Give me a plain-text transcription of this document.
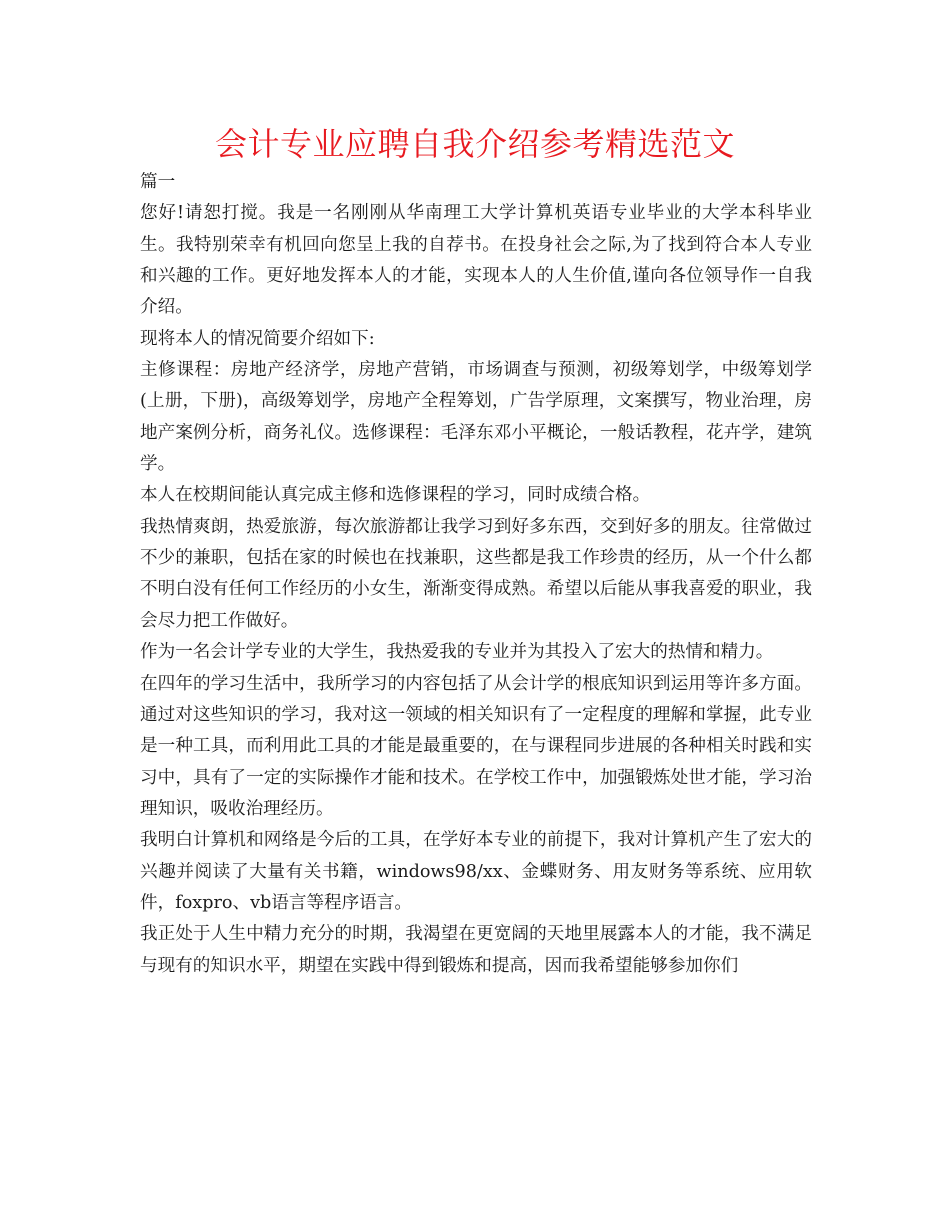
会计专业应聘自我介绍参考精选范文

篇一

您好!请恕打搅。我是一名刚刚从华南理工大学计算机英语专业毕业的大学本科毕业生。我特别荣幸有机回向您呈上我的自荐书。在投身社会之际,为了找到符合本人专业和兴趣的工作。更好地发挥本人的才能，实现本人的人生价值,谨向各位领导作一自我介绍。

现将本人的情况简要介绍如下:

主修课程：房地产经济学，房地产营销，市场调查与预测，初级筹划学，中级筹划学(上册，下册)，高级筹划学，房地产全程筹划，广告学原理，文案撰写，物业治理，房地产案例分析，商务礼仪。选修课程：毛泽东邓小平概论，一般话教程，花卉学，建筑学。

本人在校期间能认真完成主修和选修课程的学习，同时成绩合格。

我热情爽朗，热爱旅游，每次旅游都让我学习到好多东西，交到好多的朋友。往常做过不少的兼职，包括在家的时候也在找兼职，这些都是我工作珍贵的经历，从一个什么都不明白没有任何工作经历的小女生，渐渐变得成熟。希望以后能从事我喜爱的职业，我会尽力把工作做好。

作为一名会计学专业的大学生，我热爱我的专业并为其投入了宏大的热情和精力。

在四年的学习生活中，我所学习的内容包括了从会计学的根底知识到运用等许多方面。通过对这些知识的学习，我对这一领域的相关知识有了一定程度的理解和掌握，此专业是一种工具，而利用此工具的才能是最重要的，在与课程同步进展的各种相关时践和实习中，具有了一定的实际操作才能和技术。在学校工作中，加强锻炼处世才能，学习治理知识，吸收治理经历。

我明白计算机和网络是今后的工具，在学好本专业的前提下，我对计算机产生了宏大的兴趣并阅读了大量有关书籍，windows98/xx、金蝶财务、用友财务等系统、应用软件，foxpro、vb语言等程序语言。

我正处于人生中精力充分的时期，我渴望在更宽阔的天地里展露本人的才能，我不满足与现有的知识水平，期望在实践中得到锻炼和提高，因而我希望能够参加你们
